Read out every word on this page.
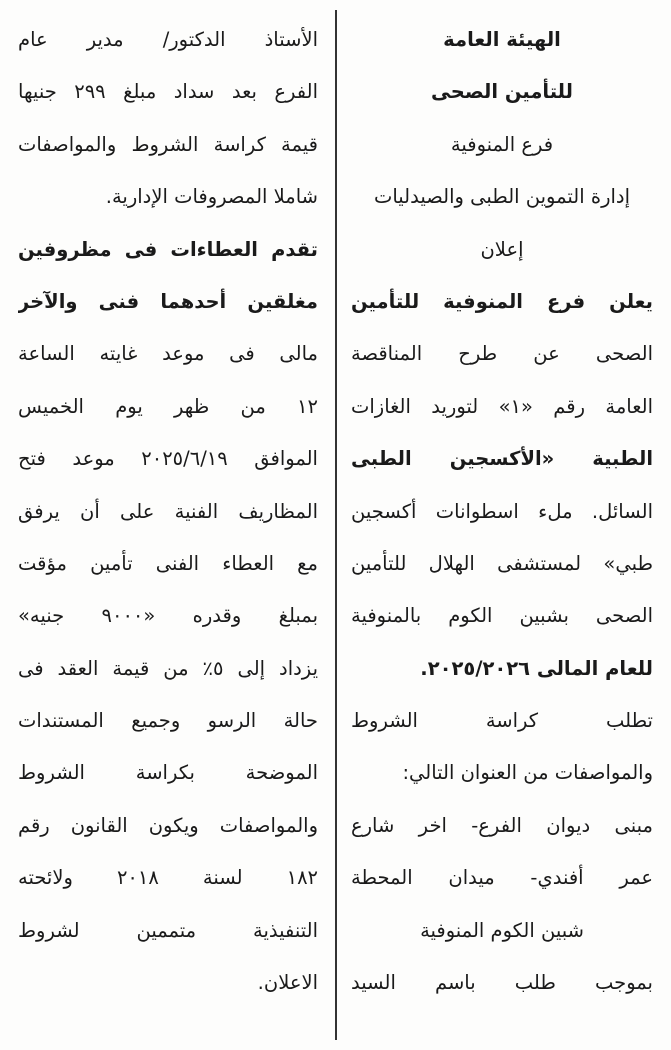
الهيئة العامة
للتأمين الصحى
فرع المنوفية
إدارة التموين الطبى والصيدليات
إعلان
يعلن فرع المنوفية للتأمين
الصحى عن طرح المناقصة
العامة رقم «١» لتوريد الغازات
الطبية «الأكسجين الطبى
السائل. ملء اسطوانات أكسجين
طبي» لمستشفى الهلال للتأمين
الصحى بشبين الكوم بالمنوفية
للعام المالى ٢٠٢٥/٢٠٢٦.
تطلب كراسة الشروط
والمواصفات من العنوان التالي:
مبنى ديوان الفرع- اخر شارع
عمر أفندي- ميدان المحطة
شبين الكوم المنوفية
بموجب طلب باسم السيد
الأستاذ الدكتور/ مدير عام
الفرع بعد سداد مبلغ ٢٩٩ جنيها
قيمة كراسة الشروط والمواصفات
شاملا المصروفات الإدارية.
تقدم العطاءات فى مظروفين
مغلقين أحدهما فنى والآخر
مالى فى موعد غايته الساعة
١٢ من ظهر يوم الخميس
الموافق ٢٠٢٥/٦/١٩ موعد فتح
المظاريف الفنية على أن يرفق
مع العطاء الفنى تأمين مؤقت
بمبلغ وقدره «٩٠٠٠ جنيه»
يزداد إلى ٥٪ من قيمة العقد فى
حالة الرسو وجميع المستندات
الموضحة بكراسة الشروط
والمواصفات ويكون القانون رقم
١٨٢ لسنة ٢٠١٨ ولائحته
التنفيذية متممين لشروط
الاعلان.
